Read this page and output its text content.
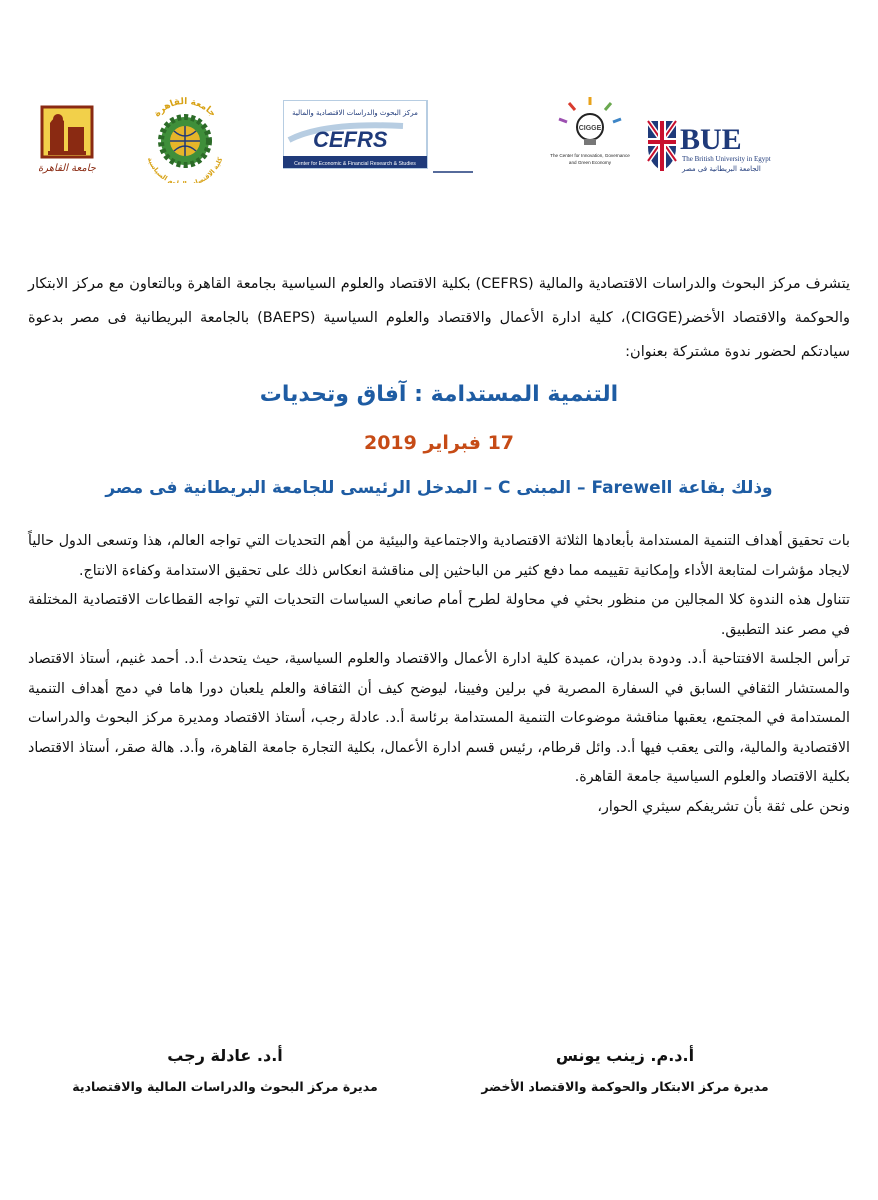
BUE
The British University in Egypt
الجامعة البريطانية فى مصر
CIGGE
The Center for Innovation, Governance
and Green Economy
مركز البحوث والدراسات الاقتصادية والمالية
CEFRS
Center for Economic & Financial Research & Studies
جامعة القاهرة
كلية الاقتصاد وم السياسية
جامعة القاهرة

يتشرف مركز البحوث والدراسات الاقتصادية والمالية (CEFRS) بكلية الاقتصاد والعلوم السياسية بجامعة القاهرة وبالتعاون مع مركز الابتكار والحوكمة والاقتصاد الأخضر(CIGGE)، كلية ادارة الأعمال والاقتصاد والعلوم السياسية (BAEPS) بالجامعة البريطانية فى مصر بدعوة سيادتكم لحضور ندوة مشتركة بعنوان:

التنمية المستدامة : آفاق وتحديات
17 فبراير 2019
وذلك بقاعة Farewell – المبنى C – المدخل الرئيسى للجامعة البريطانية فى مصر

بات تحقيق أهداف التنمية المستدامة بأبعادها الثلاثة الاقتصادية والاجتماعية والبيئية من أهم التحديات التي تواجه العالم، هذا وتسعى الدول حالياً لايجاد مؤشرات لمتابعة الأداء وإمكانية تقييمه مما دفع كثير من الباحثين إلى مناقشة انعكاس ذلك على تحقيق الاستدامة وكفاءة الانتاج.

تتناول هذه الندوة كلا المجالين من منظور بحثي في محاولة لطرح أمام صانعي السياسات التحديات التي تواجه القطاعات الاقتصادية المختلفة في مصر عند التطبيق.

ترأس الجلسة الافتتاحية أ.د. ودودة بدران، عميدة كلية ادارة الأعمال والاقتصاد والعلوم السياسية، حيث يتحدث أ.د. أحمد غنيم، أستاذ الاقتصاد والمستشار الثقافي السابق في السفارة المصرية في برلين وفيينا، ليوضح كيف أن الثقافة والعلم يلعبان دورا هاما في دمج أهداف التنمية المستدامة في المجتمع، يعقبها مناقشة موضوعات التنمية المستدامة برئاسة أ.د. عادلة رجب، أستاذ الاقتصاد ومديرة مركز البحوث والدراسات الاقتصادية والمالية، والتى يعقب فيها أ.د. وائل قرطام، رئيس قسم ادارة الأعمال، بكلية التجارة جامعة القاهرة، وأ.د. هالة صقر، أستاذ الاقتصاد بكلية الاقتصاد والعلوم السياسية جامعة القاهرة.

ونحن على ثقة بأن تشريفكم سيثري الحوار،

أ.د.م. زينب يونس
مديرة مركز الابتكار والحوكمة والاقتصاد الأخضر
أ.د. عادلة رجب
مديرة مركز البحوث والدراسات المالية والاقتصادية
